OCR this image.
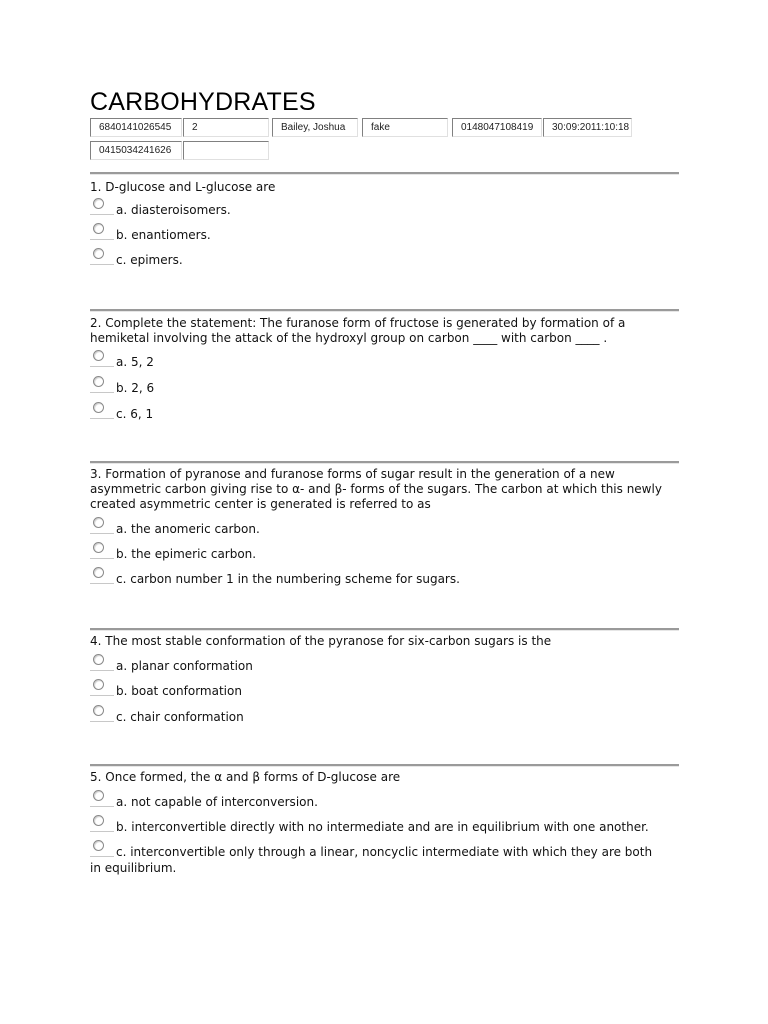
CARBOHYDRATES
6840141026545	2	Bailey, Joshua	fake	0148047108419	30:09:2011:10:18
0415034241626
1. D-glucose and L-glucose are
a. diasteroisomers.
b. enantiomers.
c. epimers.
2. Complete the statement: The furanose form of fructose is generated by formation of a hemiketal involving the attack of the hydroxyl group on carbon ____ with carbon ____ .
a. 5, 2
b. 2, 6
c. 6, 1
3. Formation of pyranose and furanose forms of sugar result in the generation of a new asymmetric carbon giving rise to α- and β- forms of the sugars. The carbon at which this newly created asymmetric center is generated is referred to as
a. the anomeric carbon.
b. the epimeric carbon.
c. carbon number 1 in the numbering scheme for sugars.
4. The most stable conformation of the pyranose for six-carbon sugars is the
a. planar conformation
b. boat conformation
c. chair conformation
5. Once formed, the α and β forms of D-glucose are
a. not capable of interconversion.
b. interconvertible directly with no intermediate and are in equilibrium with one another.
c. interconvertible only through a linear, noncyclic intermediate with which they are both in equilibrium.
